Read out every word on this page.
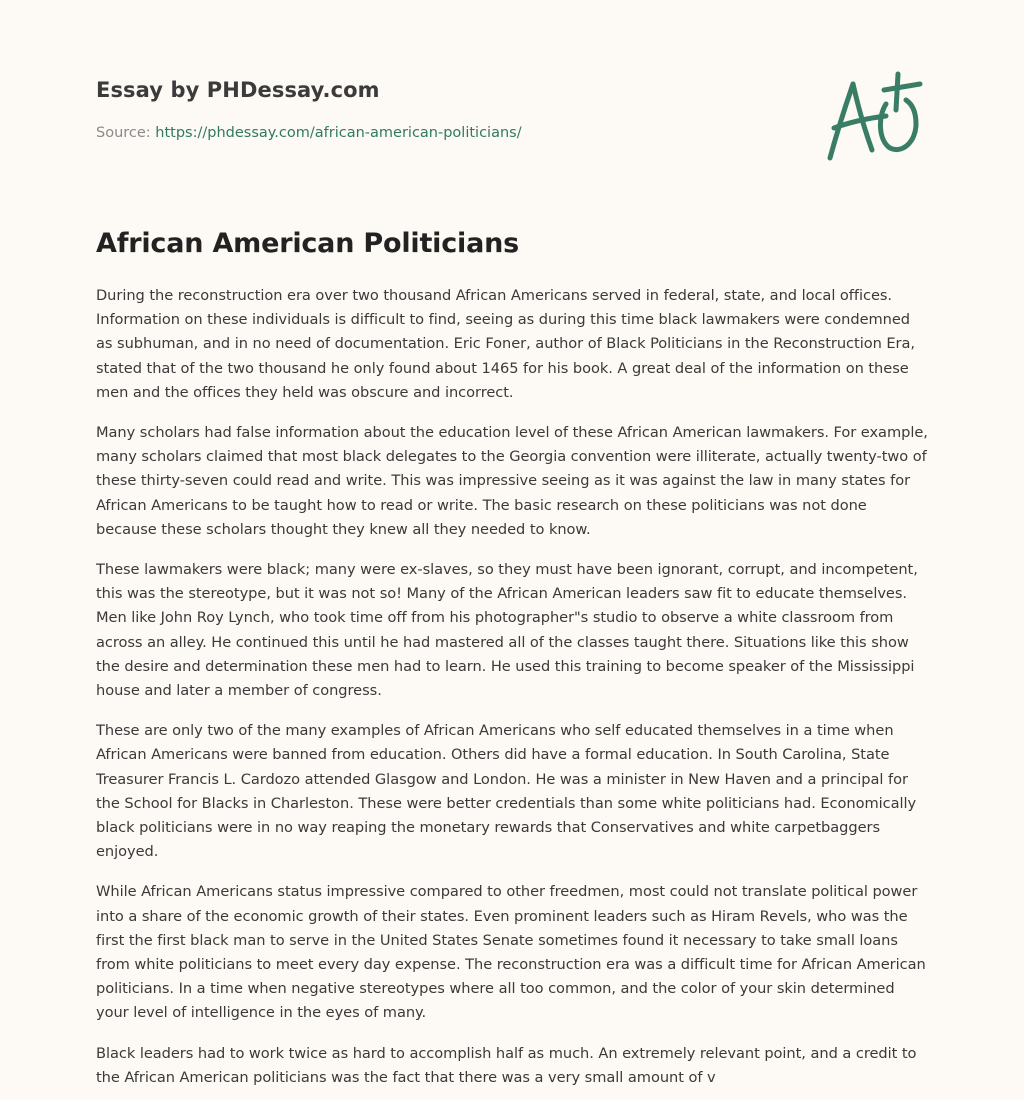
Essay by PHDessay.com
Source: https://phdessay.com/african-american-politicians/
African American Politicians

During the reconstruction era over two thousand African Americans served in federal, state, and local offices. Information on these individuals is difficult to find, seeing as during this time black lawmakers were condemned as subhuman, and in no need of documentation. Eric Foner, author of Black Politicians in the Reconstruction Era, stated that of the two thousand he only found about 1465 for his book. A great deal of the information on these men and the offices they held was obscure and incorrect.

Many scholars had false information about the education level of these African American lawmakers. For example, many scholars claimed that most black delegates to the Georgia convention were illiterate, actually twenty-two of these thirty-seven could read and write. This was impressive seeing as it was against the law in many states for African Americans to be taught how to read or write. The basic research on these politicians was not done because these scholars thought they knew all they needed to know.

These lawmakers were black; many were ex-slaves, so they must have been ignorant, corrupt, and incompetent, this was the stereotype, but it was not so! Many of the African American leaders saw fit to educate themselves. Men like John Roy Lynch, who took time off from his photographer"s studio to observe a white classroom from across an alley. He continued this until he had mastered all of the classes taught there. Situations like this show the desire and determination these men had to learn. He used this training to become speaker of the Mississippi house and later a member of congress.

These are only two of the many examples of African Americans who self educated themselves in a time when African Americans were banned from education. Others did have a formal education. In South Carolina, State Treasurer Francis L. Cardozo attended Glasgow and London. He was a minister in New Haven and a principal for the School for Blacks in Charleston. These were better credentials than some white politicians had. Economically black politicians were in no way reaping the monetary rewards that Conservatives and white carpetbaggers enjoyed.

While African Americans status impressive compared to other freedmen, most could not translate political power into a share of the economic growth of their states. Even prominent leaders such as Hiram Revels, who was the first the first black man to serve in the United States Senate sometimes found it necessary to take small loans from white politicians to meet every day expense. The reconstruction era was a difficult time for African American politicians. In a time when negative stereotypes where all too common, and the color of your skin determined your level of intelligence in the eyes of many.

Black leaders had to work twice as hard to accomplish half as much. An extremely relevant point, and a credit to the African American politicians was the fact that there was a very small amount of v
